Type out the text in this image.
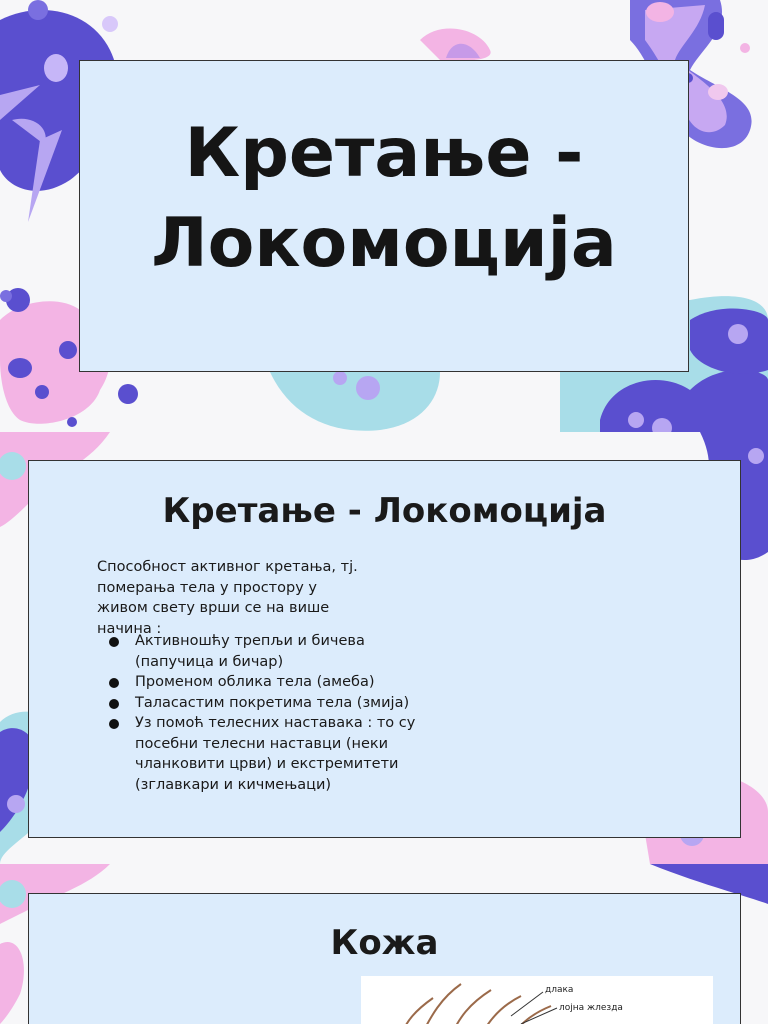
Кретање -
Локомоција
Кретање - Локомоција
Способност активног кретања, тј. померања тела у простору у живом свету врши се на више начина :
Активношћу трепљи и бичева (папучица и бичар)
Променом облика тела (амеба)
Таласастим покретима тела (змија)
Уз помоћ телесних наставака : то су посебни телесни наставци (неки чланковити црви) и екстремитети (зглавкари и кичмењаци)
Кожа
длака
лојна жлезда
